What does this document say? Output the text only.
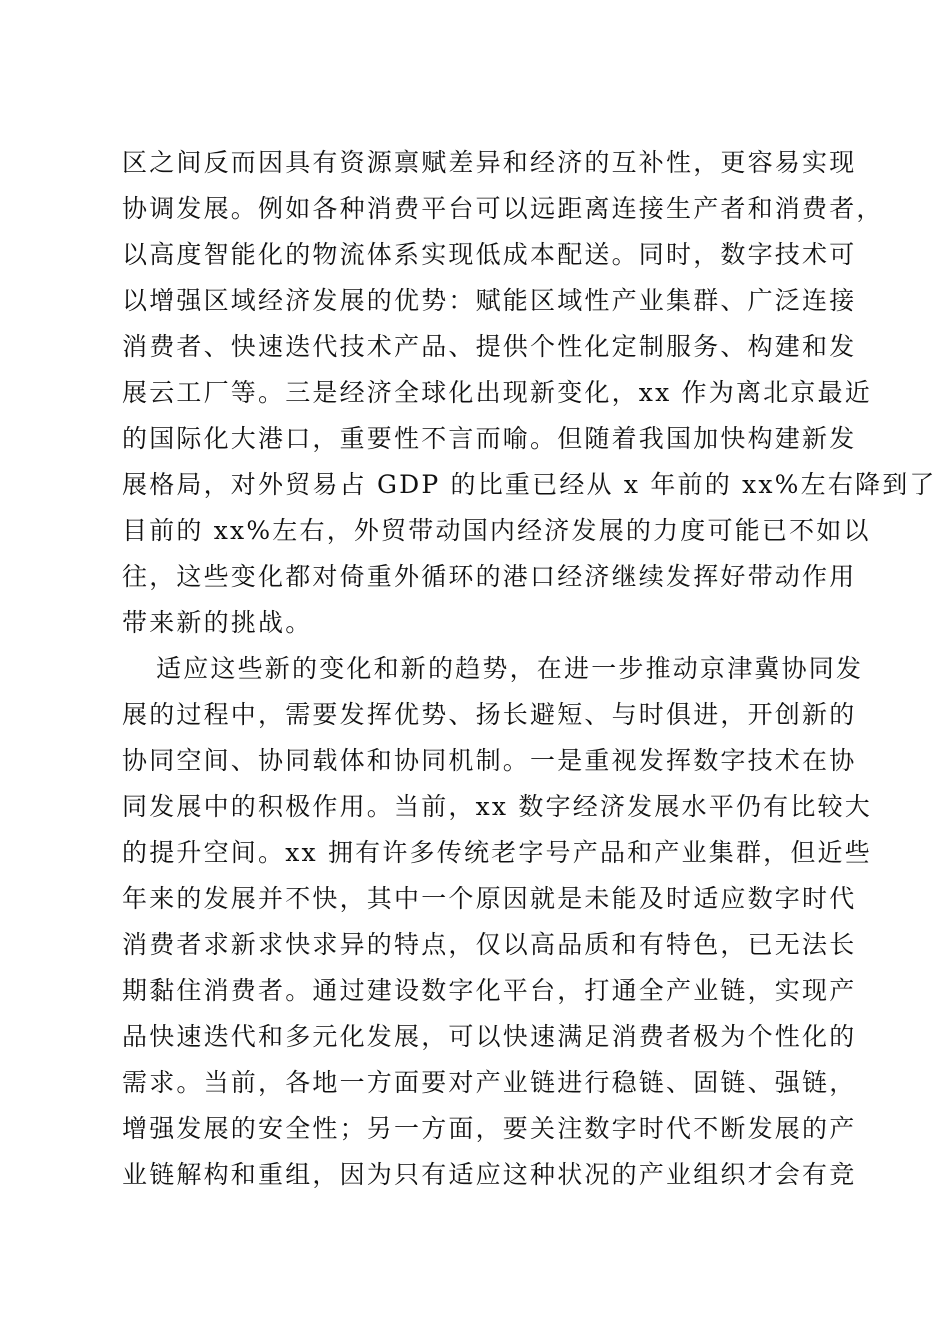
区之间反而因具有资源禀赋差异和经济的互补性，更容易实现
协调发展。例如各种消费平台可以远距离连接生产者和消费者，
以高度智能化的物流体系实现低成本配送。同时，数字技术可
以增强区域经济发展的优势：赋能区域性产业集群、广泛连接
消费者、快速迭代技术产品、提供个性化定制服务、构建和发
展云工厂等。三是经济全球化出现新变化，xx 作为离北京最近
的国际化大港口，重要性不言而喻。但随着我国加快构建新发
展格局，对外贸易占 GDP 的比重已经从 x 年前的 xx%左右降到了
目前的 xx%左右，外贸带动国内经济发展的力度可能已不如以
往，这些变化都对倚重外循环的港口经济继续发挥好带动作用
带来新的挑战。
适应这些新的变化和新的趋势，在进一步推动京津冀协同发
展的过程中，需要发挥优势、扬长避短、与时俱进，开创新的
协同空间、协同载体和协同机制。一是重视发挥数字技术在协
同发展中的积极作用。当前，xx 数字经济发展水平仍有比较大
的提升空间。xx 拥有许多传统老字号产品和产业集群，但近些
年来的发展并不快，其中一个原因就是未能及时适应数字时代
消费者求新求快求异的特点，仅以高品质和有特色，已无法长
期黏住消费者。通过建设数字化平台，打通全产业链，实现产
品快速迭代和多元化发展，可以快速满足消费者极为个性化的
需求。当前，各地一方面要对产业链进行稳链、固链、强链，
增强发展的安全性；另一方面，要关注数字时代不断发展的产
业链解构和重组，因为只有适应这种状况的产业组织才会有竞
